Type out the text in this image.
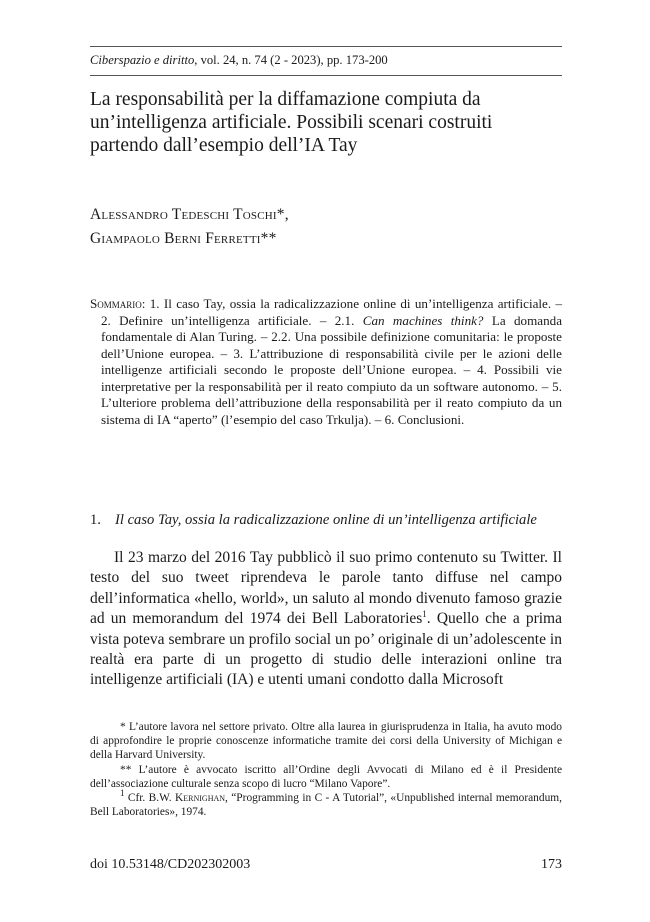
Ciberspazio e diritto, vol. 24, n. 74 (2 - 2023), pp. 173-200
La responsabilità per la diffamazione compiuta da un’intelligenza artificiale. Possibili scenari costruiti partendo dall’esempio dell’IA Tay
Alessandro Tedeschi Toschi*,
Giampaolo Berni Ferretti**
Sommario: 1. Il caso Tay, ossia la radicalizzazione online di un’intelligenza artificiale. – 2. Definire un’intelligenza artificiale. – 2.1. Can machines think? La domanda fondamentale di Alan Turing. – 2.2. Una possibile definizione comunitaria: le proposte dell’Unione europea. – 3. L’attribuzione di responsabilità civile per le azioni delle intelligenze artificiali secondo le proposte dell’Unione europea. – 4. Possibili vie interpretative per la responsabilità per il reato compiuto da un software autonomo. – 5. L’ulteriore problema dell’attribuzione della responsabilità per il reato compiuto da un sistema di IA “aperto” (l’esempio del caso Trkulja). – 6. Conclusioni.
1. Il caso Tay, ossia la radicalizzazione online di un’intelligenza artificiale

Il 23 marzo del 2016 Tay pubblicò il suo primo contenuto su Twitter. Il testo del suo tweet riprendeva le parole tanto diffuse nel campo dell’informatica «hello, world», un saluto al mondo divenuto famoso grazie ad un memorandum del 1974 dei Bell Laboratories$^1$. Quello che a prima vista poteva sembrare un profilo social un po’ originale di un’adolescente in realtà era parte di un progetto di studio delle interazioni online tra intelligenze artificiali (IA) e utenti umani condotto dalla Microsoft

* L’autore lavora nel settore privato. Oltre alla laurea in giurisprudenza in Italia, ha avuto modo di approfondire le proprie conoscenze informatiche tramite dei corsi della University of Michigan e della Harvard University.

** L’autore è avvocato iscritto all’Ordine degli Avvocati di Milano ed è il Presidente dell’associazione culturale senza scopo di lucro “Milano Vapore”.

$^1$ Cfr. B.W. Kernighan, “Programming in C - A Tutorial”, «Unpublished internal memorandum, Bell Laboratories», 1974.

doi 10.53148/CD202302003	173
